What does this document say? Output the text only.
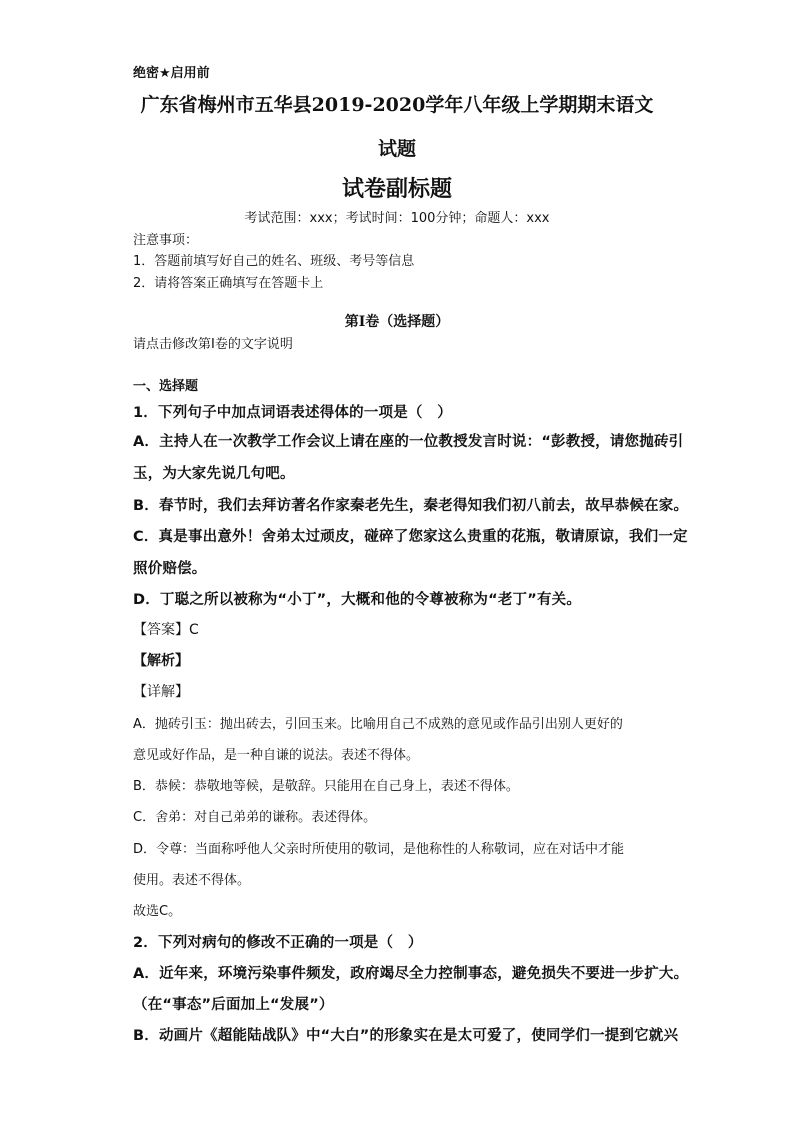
绝密★启用前
广东省梅州市五华县2019-2020学年八年级上学期期末语文
试题
试卷副标题
考试范围：xxx；考试时间：100分钟；命题人：xxx
注意事项：
1．答题前填写好自己的姓名、班级、考号等信息
2．请将答案正确填写在答题卡上
第I卷（选择题）
请点击修改第I卷的文字说明
一、选择题
1．下列句子中加点词语表述得体的一项是（　）
A．主持人在一次教学工作会议上请在座的一位教授发言时说：“彭教授，请您抛砖引
玉，为大家先说几句吧。
B．春节时，我们去拜访著名作家秦老先生，秦老得知我们初八前去，故早恭候在家。
C．真是事出意外！舍弟太过顽皮，碰碎了您家这么贵重的花瓶，敬请原谅，我们一定
照价赔偿。
D．丁聪之所以被称为“小丁”，大概和他的令尊被称为“老丁”有关。
【答案】C
【解析】
【详解】
A．抛砖引玉：抛出砖去，引回玉来。比喻用自己不成熟的意见或作品引出别人更好的
意见或好作品，是一种自谦的说法。表述不得体。
B．恭候：恭敬地等候，是敬辞。只能用在自己身上，表述不得体。
C．舍弟：对自己弟弟的谦称。表述得体。
D．令尊：当面称呼他人父亲时所使用的敬词，是他称性的人称敬词，应在对话中才能
使用。表述不得体。
故选C。
2．下列对病句的修改不正确的一项是（　）
A．近年来，环境污染事件频发，政府竭尽全力控制事态，避免损失不要进一步扩大。
（在“事态”后面加上“发展”）
B．动画片《超能陆战队》中“大白”的形象实在是太可爱了，使同学们一提到它就兴
